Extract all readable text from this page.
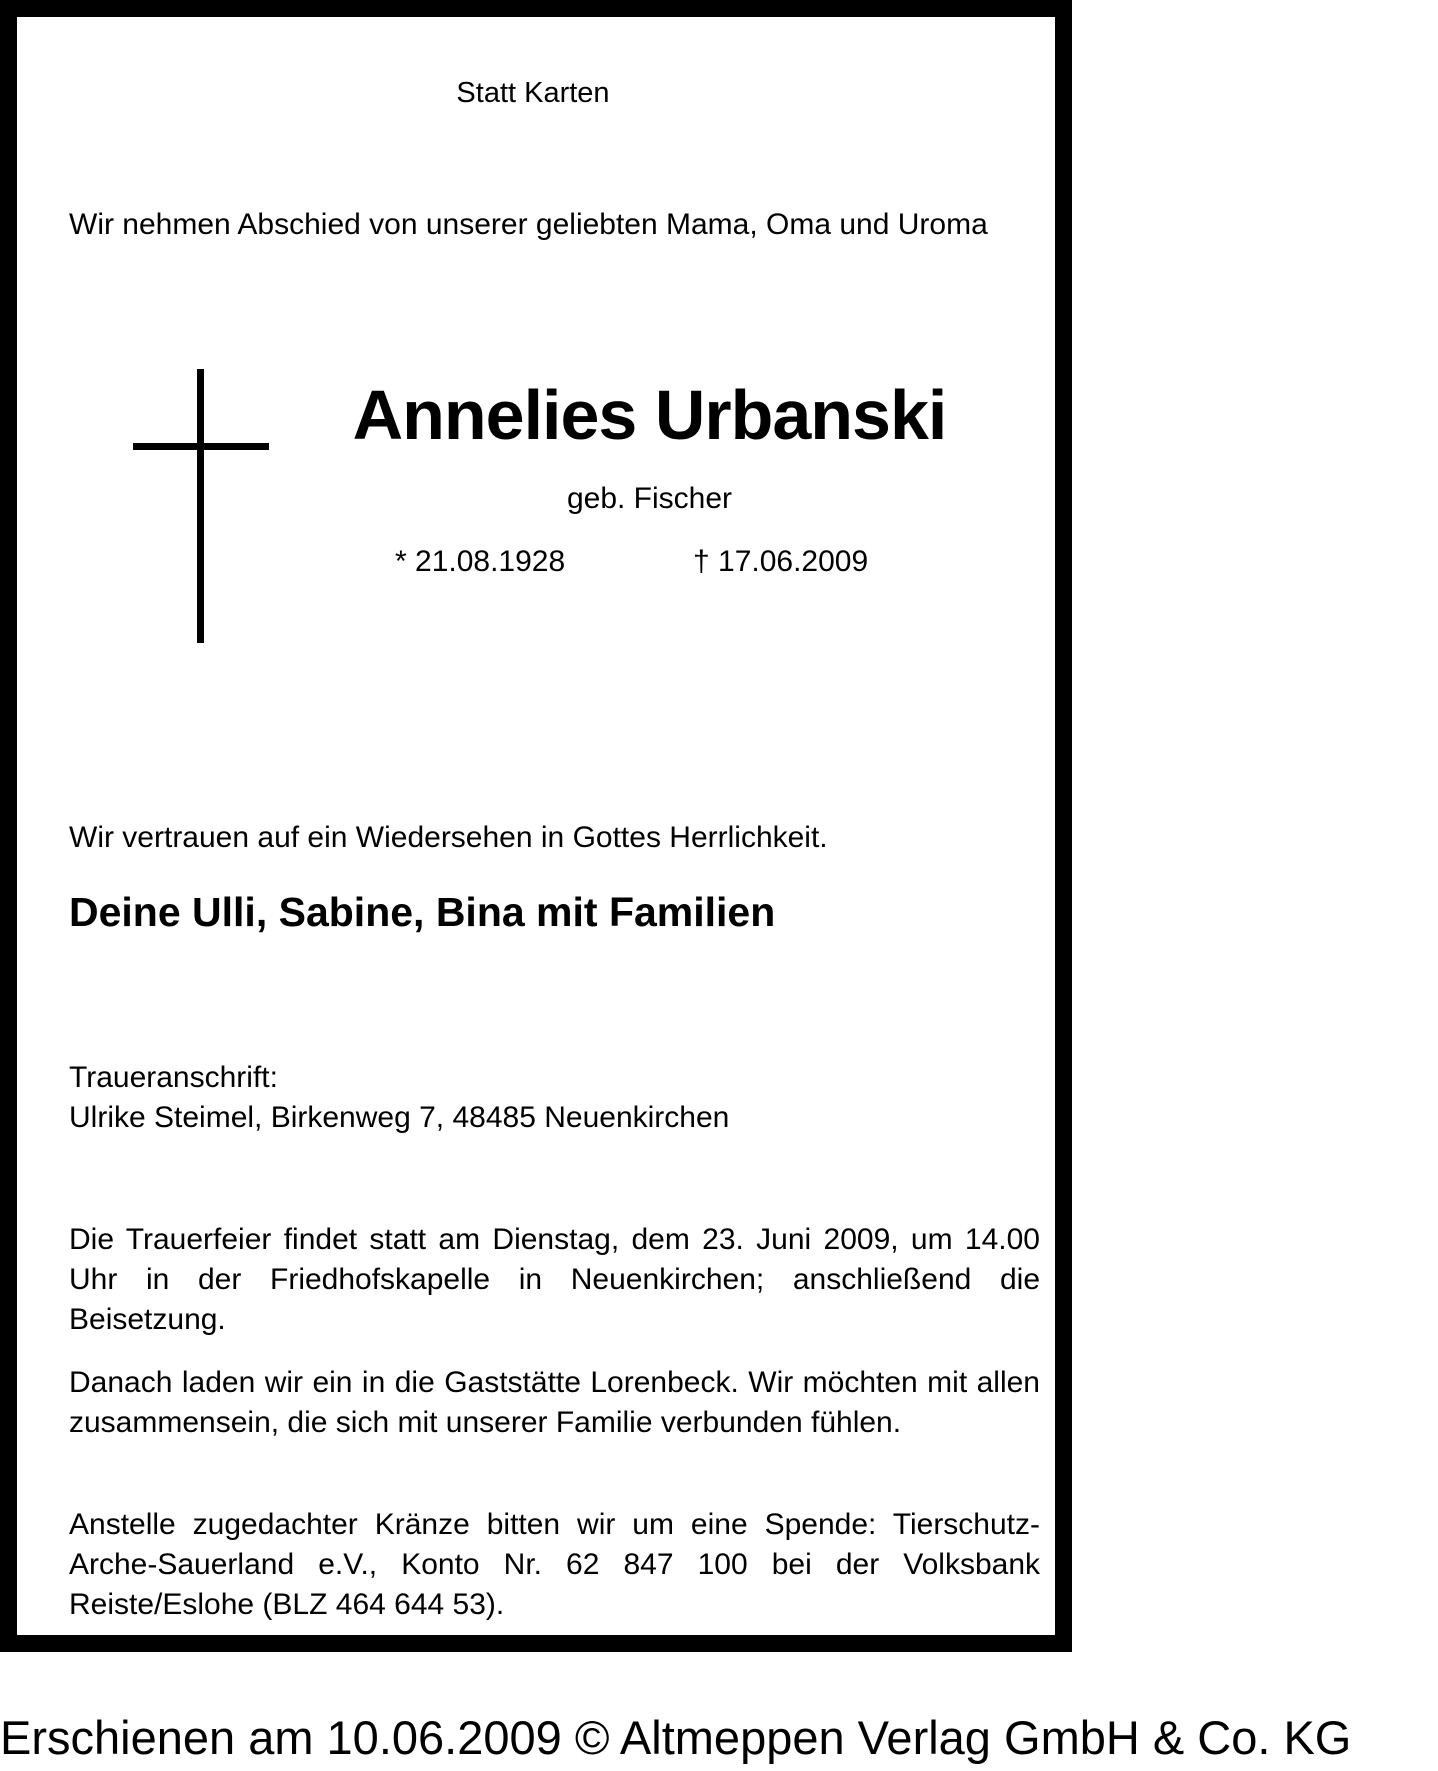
Statt Karten
Wir nehmen Abschied von unserer geliebten Mama, Oma und Uroma
Annelies Urbanski
geb. Fischer
* 21.08.1928	† 17.06.2009
Wir vertrauen auf ein Wiedersehen in Gottes Herrlichkeit.
Deine Ulli, Sabine, Bina mit Familien
Traueranschrift:
Ulrike Steimel, Birkenweg 7, 48485 Neuenkirchen
Die Trauerfeier findet statt am Dienstag, dem 23. Juni 2009, um 14.00 Uhr in der Friedhofskapelle in Neuenkirchen; anschließend die Beisetzung.
Danach laden wir ein in die Gaststätte Lorenbeck. Wir möchten mit allen zusammensein, die sich mit unserer Familie verbunden fühlen.
Anstelle zugedachter Kränze bitten wir um eine Spende: Tierschutz-Arche-Sauerland e.V., Konto Nr. 62 847 100 bei der Volksbank Reiste/Eslohe (BLZ 464 644 53).
Erschienen am 10.06.2009 © Altmeppen Verlag GmbH & Co. KG
